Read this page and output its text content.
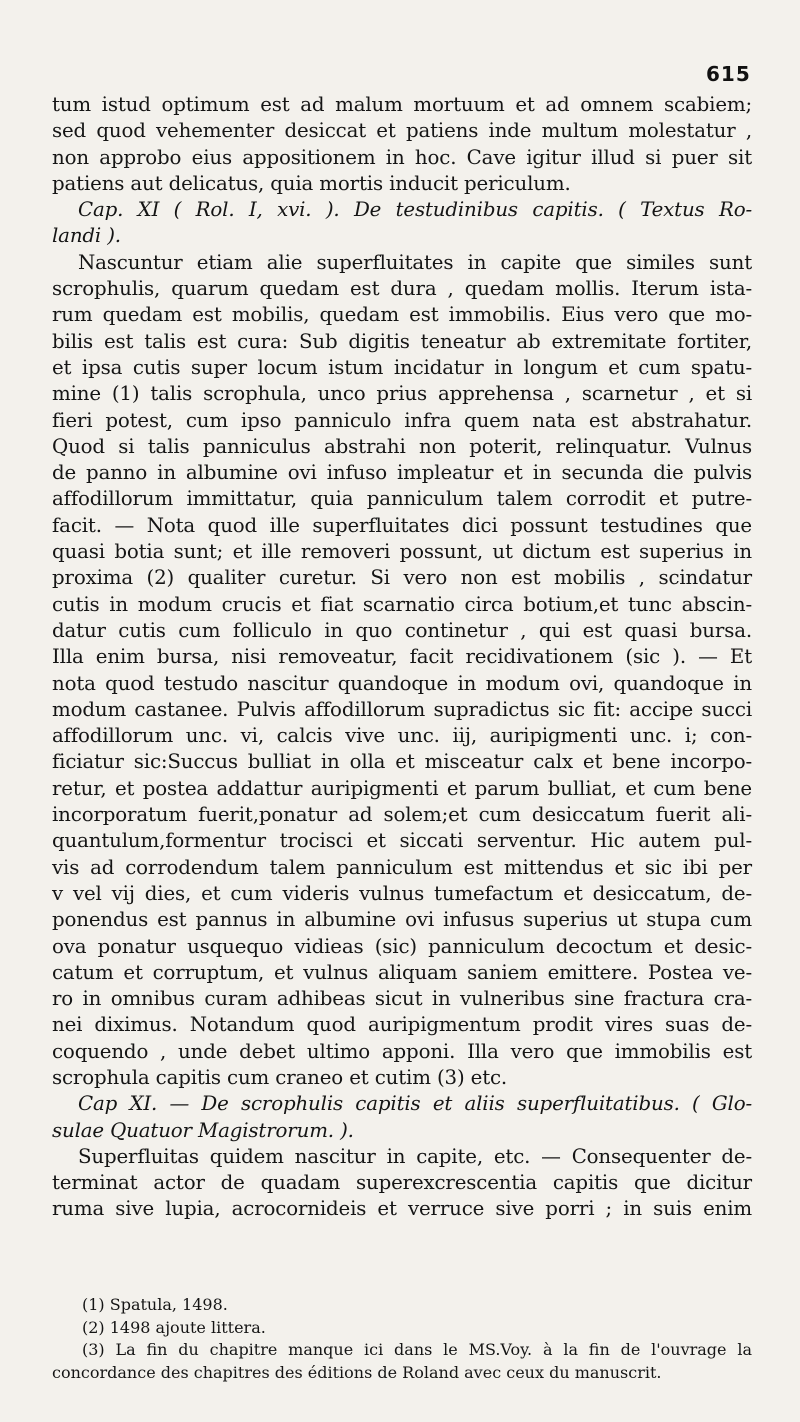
615
tum istud optimum est ad malum mortuum et ad omnem scabiem;
sed quod vehementer desiccat et patiens inde multum molestatur ,
non approbo eius appositionem in hoc. Cave igitur illud si puer sit
patiens aut delicatus, quia mortis inducit periculum.
Cap. XI ( Rol. I, xvi. ). De testudinibus capitis. ( Textus Ro-
landi ).
Nascuntur etiam alie superfluitates in capite que similes sunt
scrophulis, quarum quedam est dura , quedam mollis. Iterum ista-
rum quedam est mobilis, quedam est immobilis. Eius vero que mo-
bilis est talis est cura: Sub digitis teneatur ab extremitate fortiter,
et ipsa cutis super locum istum incidatur in longum et cum spatu-
mine (1) talis scrophula, unco prius apprehensa , scarnetur , et si
fieri potest, cum ipso panniculo infra quem nata est abstrahatur.
Quod si talis panniculus abstrahi non poterit, relinquatur. Vulnus
de panno in albumine ovi infuso impleatur et in secunda die pulvis
affodillorum immittatur, quia panniculum talem corrodit et putre-
facit. — Nota quod ille superfluitates dici possunt testudines que
quasi botia sunt; et ille removeri possunt, ut dictum est superius in
proxima (2) qualiter curetur. Si vero non est mobilis , scindatur
cutis in modum crucis et fiat scarnatio circa botium,et tunc abscin-
datur cutis cum folliculo in quo continetur , qui est quasi bursa.
Illa enim bursa, nisi removeatur, facit recidivationem (sic ). — Et
nota quod testudo nascitur quandoque in modum ovi, quandoque in
modum castanee. Pulvis affodillorum supradictus sic fit: accipe succi
affodillorum unc. vi, calcis vive unc. iij, auripigmenti unc. i; con-
ficiatur sic:Succus bulliat in olla et misceatur calx et bene incorpo-
retur, et postea addattur auripigmenti et parum bulliat, et cum bene
incorporatum fuerit,ponatur ad solem;et cum desiccatum fuerit ali-
quantulum,formentur trocisci et siccati serventur. Hic autem pul-
vis ad corrodendum talem panniculum est mittendus et sic ibi per
v vel vij dies, et cum videris vulnus tumefactum et desiccatum, de-
ponendus est pannus in albumine ovi infusus superius ut stupa cum
ova ponatur usquequo vidieas (sic) panniculum decoctum et desic-
catum et corruptum, et vulnus aliquam saniem emittere. Postea ve-
ro in omnibus curam adhibeas sicut in vulneribus sine fractura cra-
nei diximus. Notandum quod auripigmentum prodit vires suas de-
coquendo , unde debet ultimo apponi. Illa vero que immobilis est
scrophula capitis cum craneo et cutim (3) etc.
Cap XI. — De scrophulis capitis et aliis superfluitatibus. ( Glo-
sulae Quatuor Magistrorum. ).
Superfluitas quidem nascitur in capite, etc. — Consequenter de-
terminat actor de quadam superexcrescentia capitis que dicitur
ruma sive lupia, acrocornideis et verruce sive porri ; in suis enim
(1) Spatula, 1498.
(2) 1498 ajoute littera.
(3) La fin du chapitre manque ici dans le MS.Voy. à la fin de l'ouvrage la
concordance des chapitres des éditions de Roland avec ceux du manuscrit.
